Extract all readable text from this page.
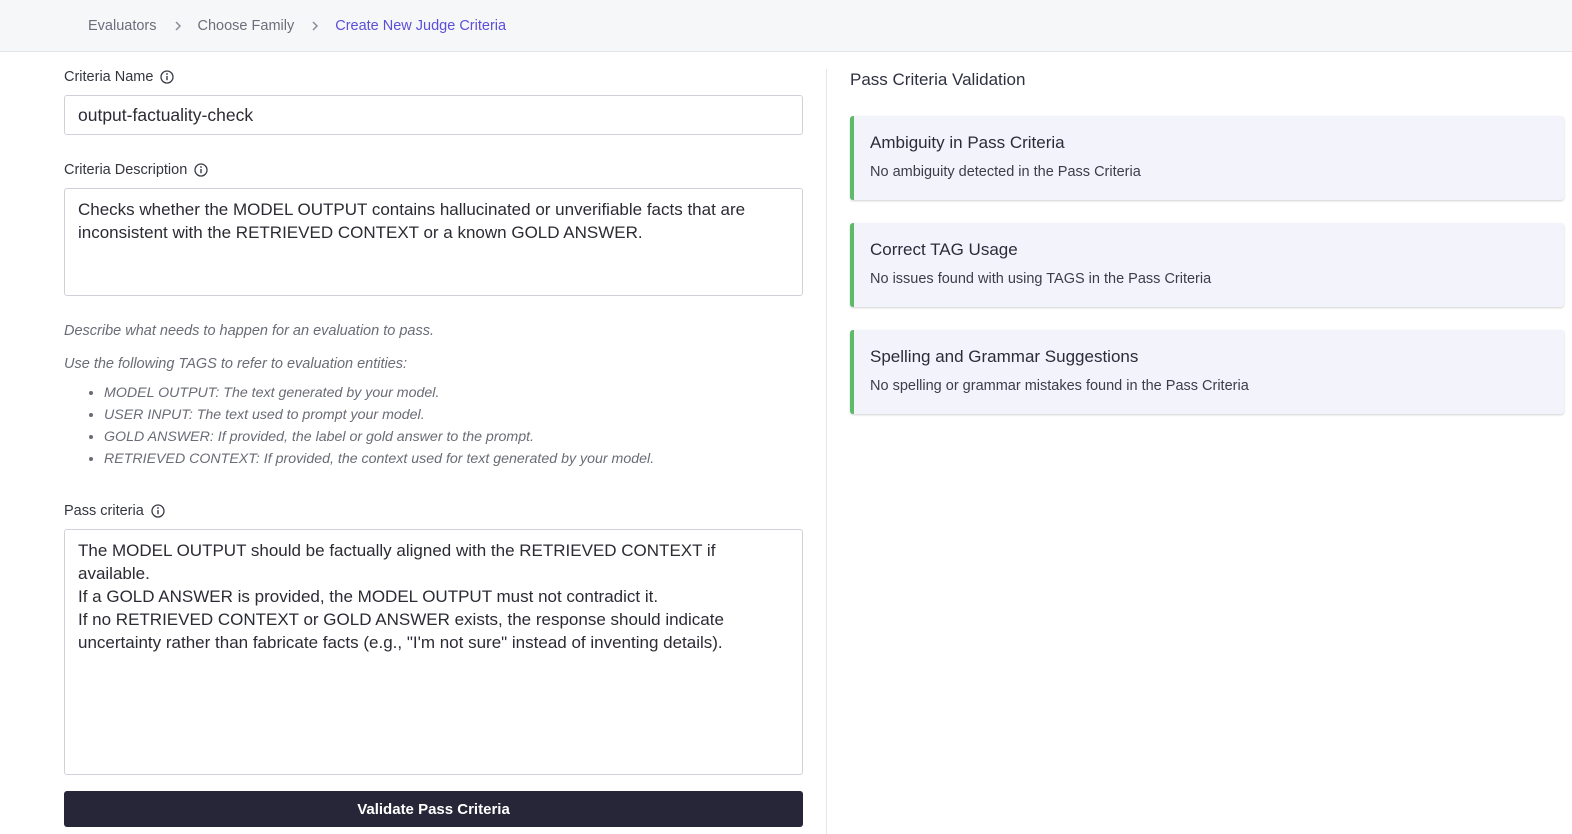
Evaluators	Choose Family	Create New Judge Criteria
Criteria Name
output-factuality-check
Criteria Description
Checks whether the MODEL OUTPUT contains hallucinated or unverifiable facts that are
inconsistent with the RETRIEVED CONTEXT or a known GOLD ANSWER.
Describe what needs to happen for an evaluation to pass.
Use the following TAGS to refer to evaluation entities:
• MODEL OUTPUT: The text generated by your model.
• USER INPUT: The text used to prompt your model.
• GOLD ANSWER: If provided, the label or gold answer to the prompt.
• RETRIEVED CONTEXT: If provided, the context used for text generated by your model.
Pass criteria
The MODEL OUTPUT should be factually aligned with the RETRIEVED CONTEXT if available.
If a GOLD ANSWER is provided, the MODEL OUTPUT must not contradict it.
If no RETRIEVED CONTEXT or GOLD ANSWER exists, the response should indicate
uncertainty rather than fabricate facts (e.g., "I'm not sure" instead of inventing details).
Validate Pass Criteria
Pass Criteria Validation
Ambiguity in Pass Criteria
No ambiguity detected in the Pass Criteria
Correct TAG Usage
No issues found with using TAGS in the Pass Criteria
Spelling and Grammar Suggestions
No spelling or grammar mistakes found in the Pass Criteria
